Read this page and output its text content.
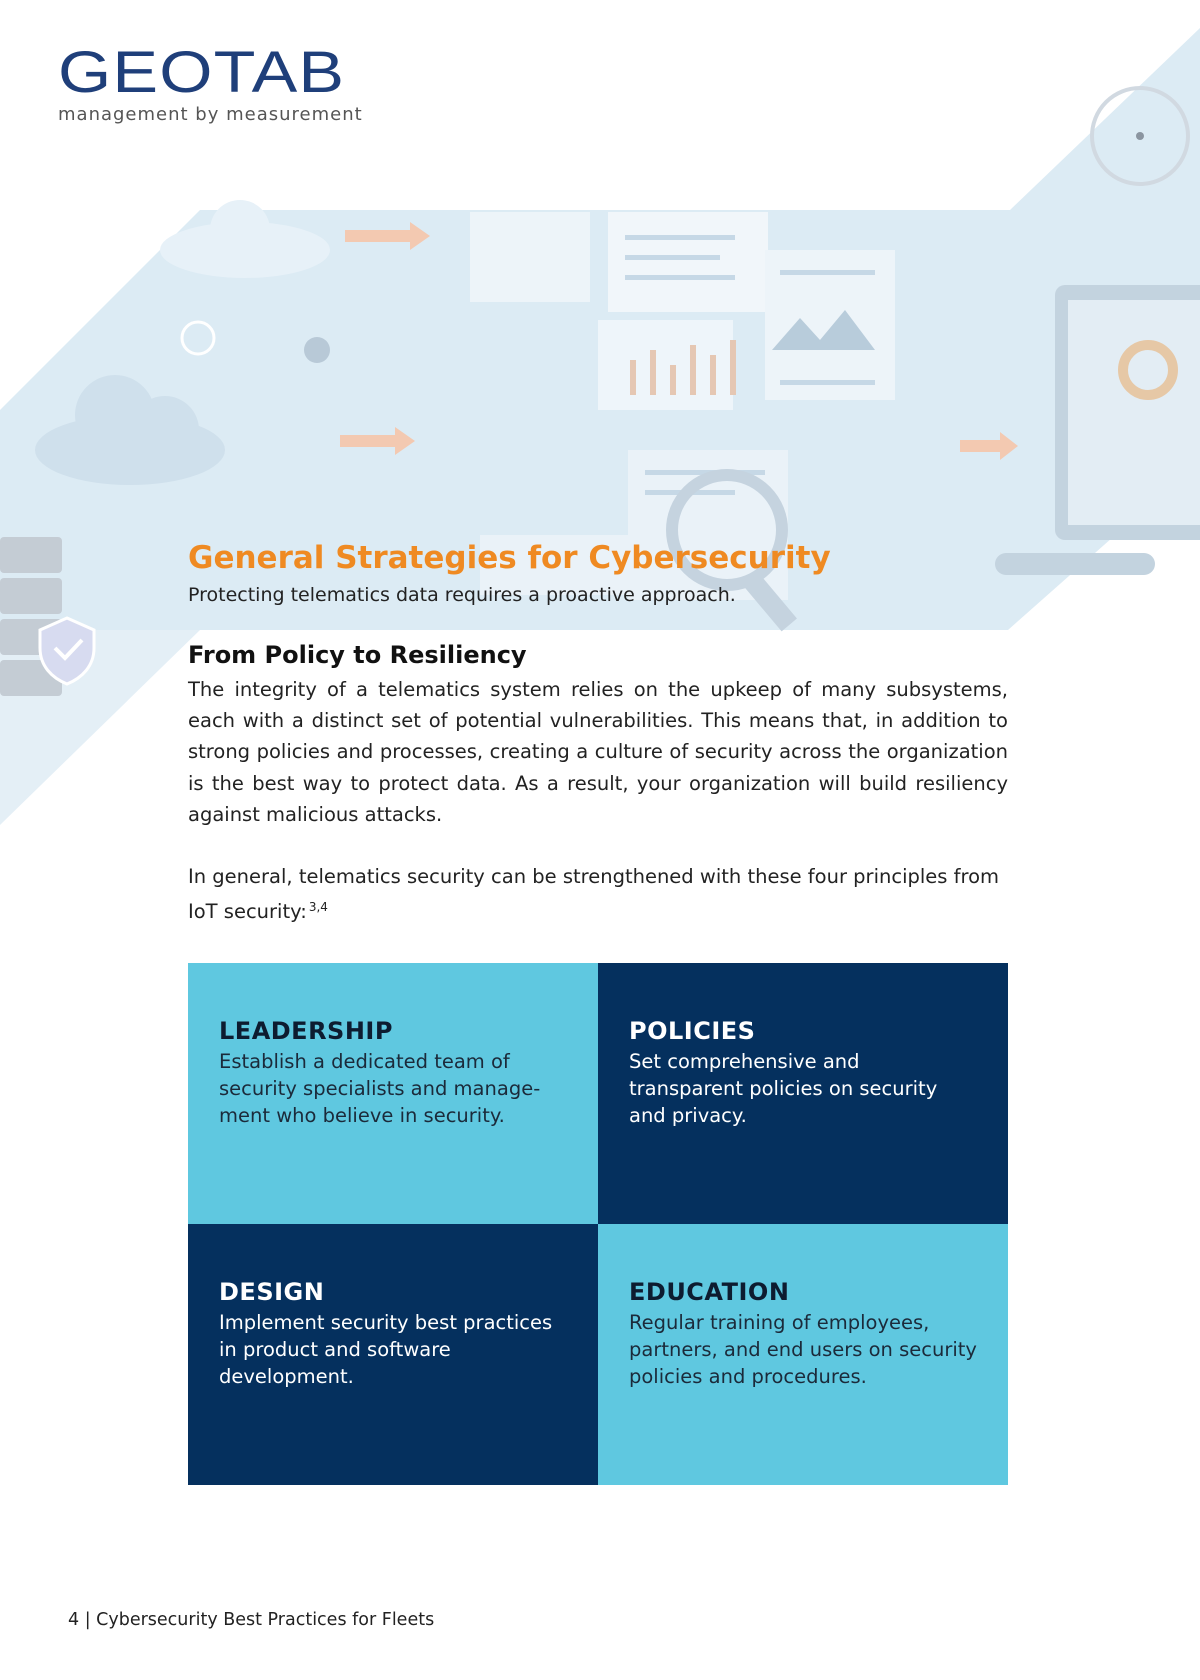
GEOTAB
management by measurement
General Strategies for Cybersecurity

Protecting telematics data requires a proactive approach.

From Policy to Resiliency

The integrity of a telematics system relies on the upkeep of many subsystems, each with a distinct set of potential vulnerabilities. This means that, in addition to strong policies and processes, creating a culture of security across the organization is the best way to protect data. As a result, your organization will build resiliency against malicious attacks.

In general, telematics security can be strengthened with these four principles from IoT security: $^{3,4}$

LEADERSHIP

Establish a dedicated team of security specialists and manage-ment who believe in security.

POLICIES

Set comprehensive and transparent policies on security and privacy.

DESIGN

Implement security best practices in product and software development.

EDUCATION

Regular training of employees, partners, and end users on security policies and procedures.

4 | Cybersecurity Best Practices for Fleets
